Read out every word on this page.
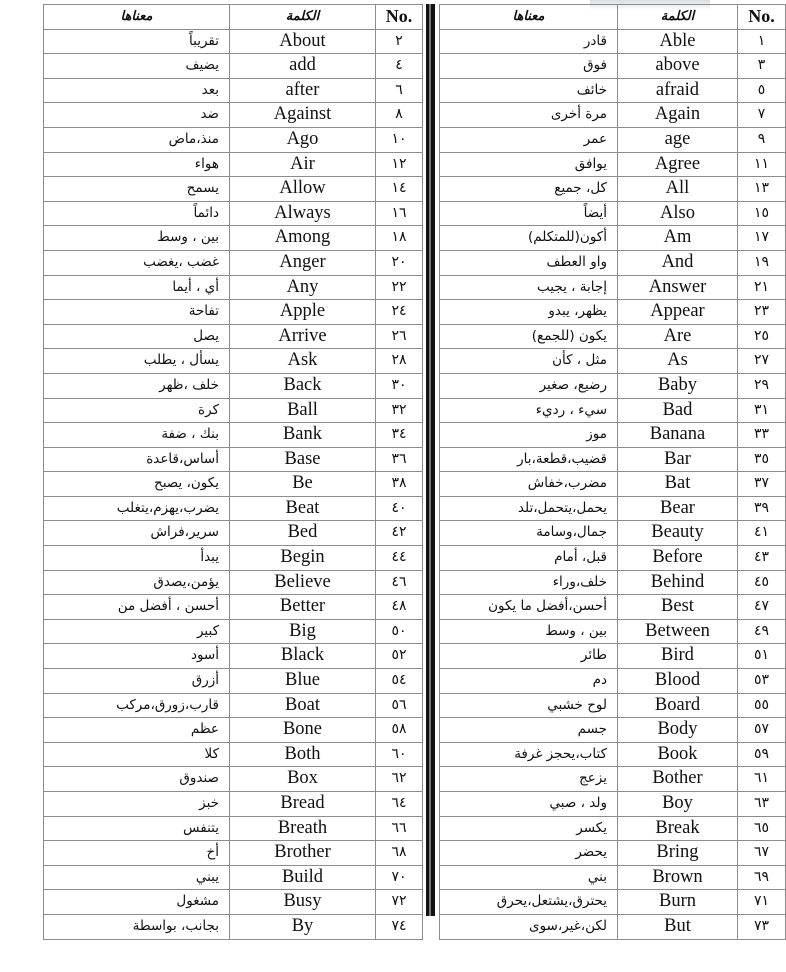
معناها	الكلمة	No.
تقريباً	About	٢
يضيف	add	٤
بعد	after	٦
ضد	Against	٨
منذ،ماض	Ago	١٠
هواء	Air	١٢
يسمح	Allow	١٤
دائماً	Always	١٦
بين ، وسط	Among	١٨
غضب ،يغضب	Anger	٢٠
أي ، أيما	Any	٢٢
تفاحة	Apple	٢٤
يصل	Arrive	٢٦
يسأل ، يطلب	Ask	٢٨
خلف ،ظهر	Back	٣٠
كرة	Ball	٣٢
بنك ، ضفة	Bank	٣٤
أساس،قاعدة	Base	٣٦
يكون، يصبح	Be	٣٨
يضرب،يهزم،يتغلب	Beat	٤٠
سرير،فراش	Bed	٤٢
يبدأ	Begin	٤٤
يؤمن،يصدق	Believe	٤٦
أحسن ، أفضل من	Better	٤٨
كبير	Big	٥٠
أسود	Black	٥٢
أزرق	Blue	٥٤
قارب،زورق،مركب	Boat	٥٦
عظم	Bone	٥٨
كلا	Both	٦٠
صندوق	Box	٦٢
خبز	Bread	٦٤
يتنفس	Breath	٦٦
أخ	Brother	٦٨
يبني	Build	٧٠
مشغول	Busy	٧٢
بجانب، بواسطة	By	٧٤
معناها	الكلمة	No.
قادر	Able	١
فوق	above	٣
خائف	afraid	٥
مرة أخرى	Again	٧
عمر	age	٩
يوافق	Agree	١١
كل، جميع	All	١٣
أيضاً	Also	١٥
أكون(للمتكلم)	Am	١٧
واو العطف	And	١٩
إجابة ، يجيب	Answer	٢١
يظهر، يبدو	Appear	٢٣
يكون (للجمع)	Are	٢٥
مثل ، كأن	As	٢٧
رضيع، صغير	Baby	٢٩
سيء ، رديء	Bad	٣١
موز	Banana	٣٣
قضيب،قطعة،بار	Bar	٣٥
مضرب،خفاش	Bat	٣٧
يحمل،يتحمل،تلد	Bear	٣٩
جمال،وسامة	Beauty	٤١
قبل، أمام	Before	٤٣
خلف،وراء	Behind	٤٥
أحسن،أفضل ما يكون	Best	٤٧
بين ، وسط	Between	٤٩
طائر	Bird	٥١
دم	Blood	٥٣
لوح خشبي	Board	٥٥
جسم	Body	٥٧
كتاب،يحجز غرفة	Book	٥٩
يزعج	Bother	٦١
ولد ، صبي	Boy	٦٣
يكسر	Break	٦٥
يحضر	Bring	٦٧
بني	Brown	٦٩
يحترق،يشتعل،يحرق	Burn	٧١
لكن،غير،سوى	But	٧٣
